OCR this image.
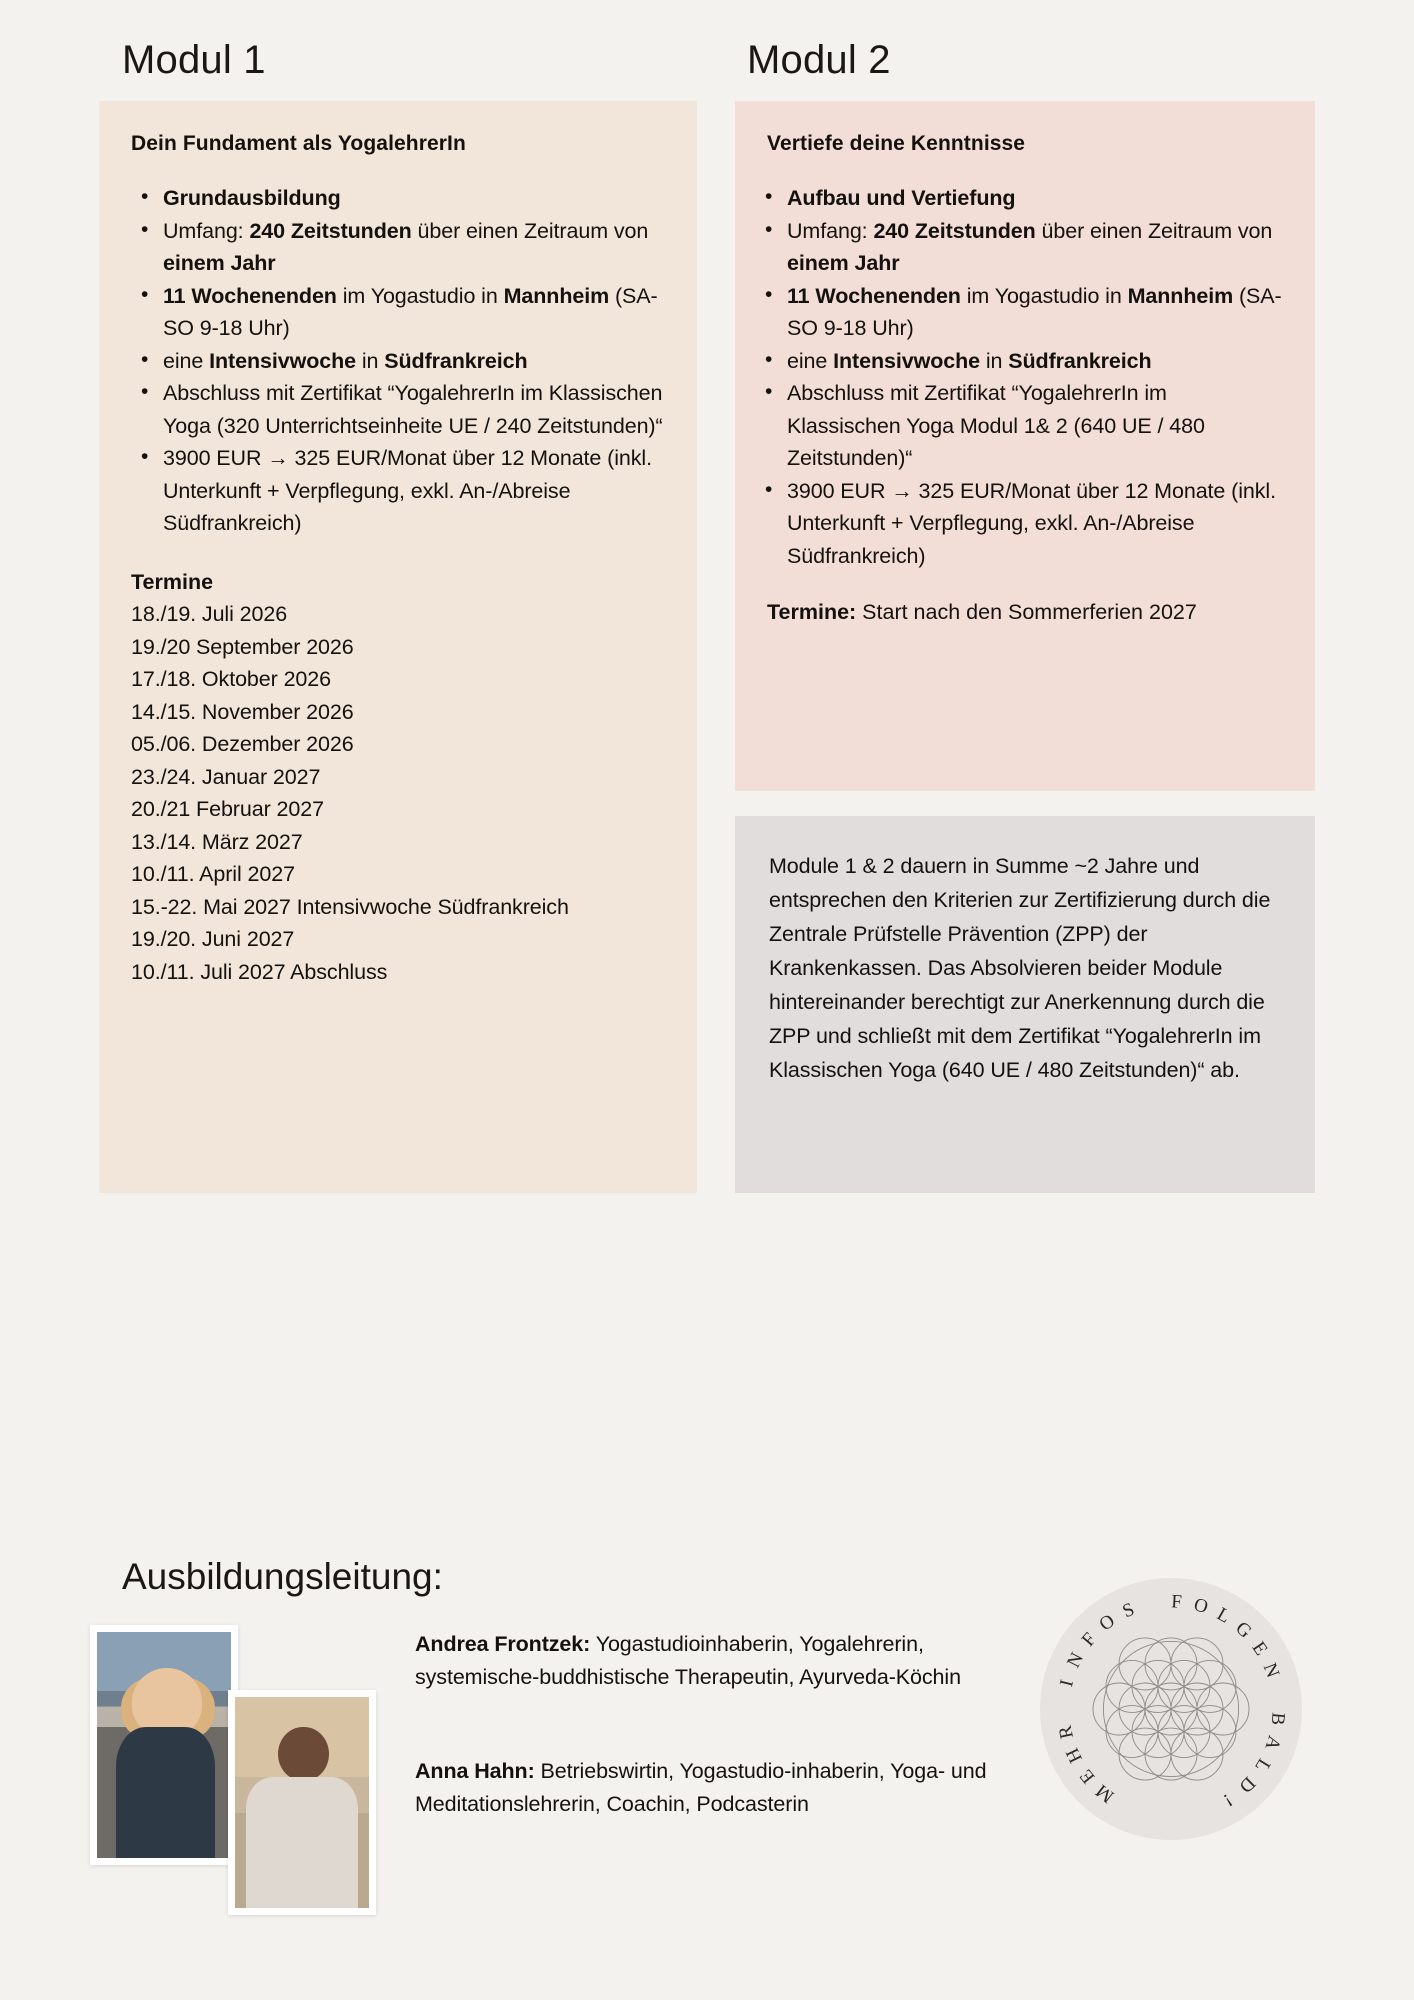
Modul 1
Dein Fundament als YogalehrerIn
• Grundausbildung
• Umfang: 240 Zeitstunden über einen Zeitraum von einem Jahr
• 11 Wochenenden im Yogastudio in Mannheim (SA-SO 9-18 Uhr)
• eine Intensivwoche in Südfrankreich
• Abschluss mit Zertifikat “YogalehrerIn im Klassischen Yoga (320 Unterrichtseinheite UE / 240 Zeitstunden)“
• 3900 EUR → 325 EUR/Monat über 12 Monate (inkl. Unterkunft + Verpflegung, exkl. An-/Abreise Südfrankreich)
Termine
18./19. Juli 2026
19./20 September 2026
17./18. Oktober 2026
14./15. November 2026
05./06. Dezember 2026
23./24. Januar 2027
20./21 Februar 2027
13./14. März 2027
10./11. April 2027
15.-22. Mai 2027 Intensivwoche Südfrankreich
19./20. Juni 2027
10./11. Juli 2027 Abschluss
Modul 2
Vertiefe deine Kenntnisse
• Aufbau und Vertiefung
• Umfang: 240 Zeitstunden über einen Zeitraum von einem Jahr
• 11 Wochenenden im Yogastudio in Mannheim (SA-SO 9-18 Uhr)
• eine Intensivwoche in Südfrankreich
• Abschluss mit Zertifikat “YogalehrerIn im Klassischen Yoga Modul 1& 2 (640 UE / 480 Zeitstunden)“
• 3900 EUR → 325 EUR/Monat über 12 Monate (inkl. Unterkunft + Verpflegung, exkl. An-/Abreise Südfrankreich)
Termine: Start nach den Sommerferien 2027
Module 1 & 2 dauern in Summe ~2 Jahre und entsprechen den Kriterien zur Zertifizierung durch die Zentrale Prüfstelle Prävention (ZPP) der Krankenkassen. Das Absolvieren beider Module hintereinander berechtigt zur Anerkennung durch die ZPP und schließt mit dem Zertifikat “YogalehrerIn im Klassischen Yoga (640 UE / 480 Zeitstunden)“ ab.
Ausbildungsleitung:
Andrea Frontzek: Yogastudioinhaberin, Yogalehrerin, systemische-buddhistische Therapeutin, Ayurveda-Köchin
Anna Hahn: Betriebswirtin, Yogastudio-inhaberin, Yoga- und Meditationslehrerin, Coachin, Podcasterin	M
E
H
R
I
N
F
O S F O L
G
E
N
B
A
L
D
!
